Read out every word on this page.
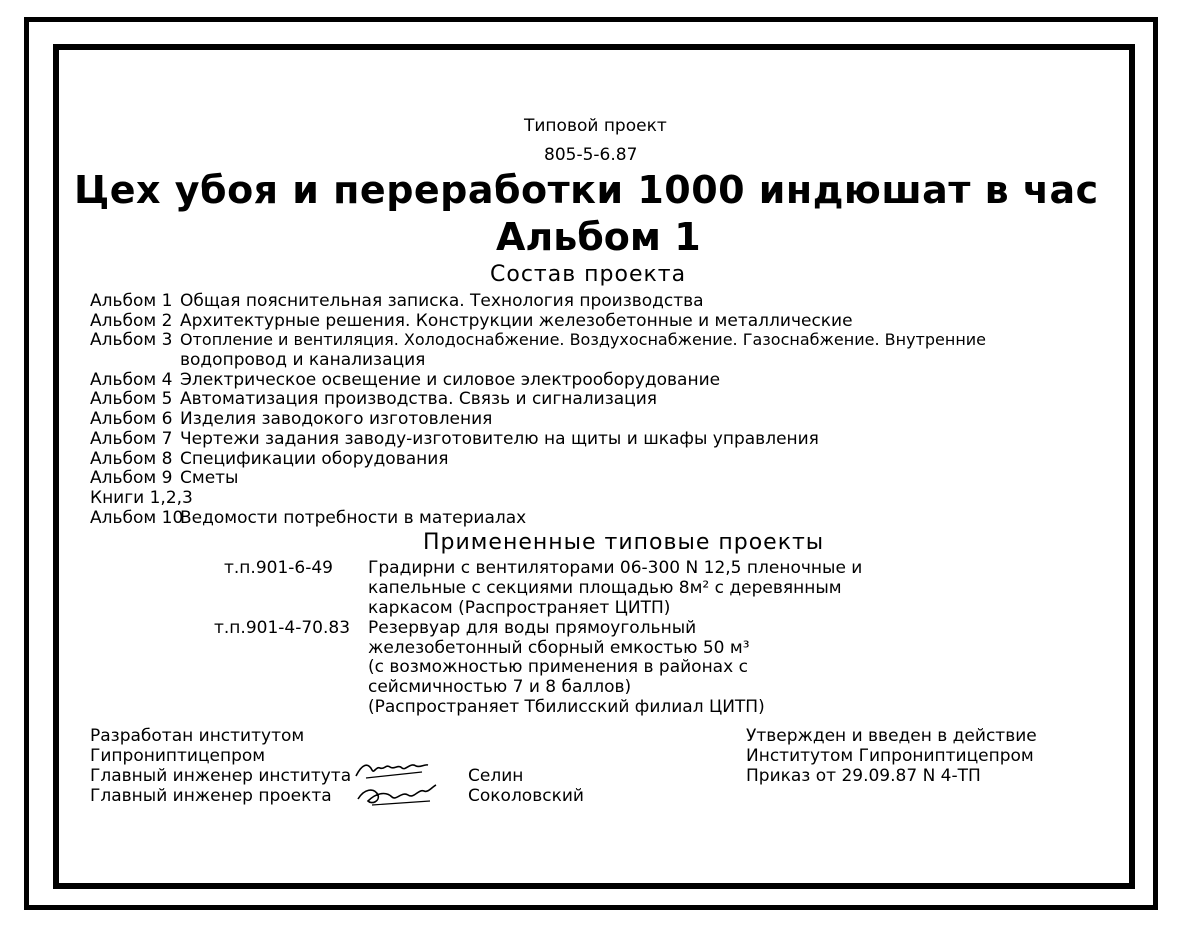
Типовой проект
805-5-6.87
Цех убоя и переработки 1000 индюшат в час
Альбом 1
Состав проекта
Альбом 1 Общая пояснительная записка. Технология производства
Альбом 2 Архитектурные решения. Конструкции железобетонные и металлические
Альбом 3 Отопление и вентиляция. Холодоснабжение. Воздухоснабжение. Газоснабжение. Внутренние
водопровод и канализация
Альбом 4 Электрическое освещение и силовое электрооборудование
Альбом 5 Автоматизация производства. Связь и сигнализация
Альбом 6 Изделия заводокого изготовления
Альбом 7 Чертежи задания заводу-изготовителю на щиты и шкафы управления
Альбом 8 Спецификации оборудования
Альбом 9 Сметы
Книги 1,2,3
Альбом 10
Ведомости потребности в материалах
Примененные типовые проекты
т.п.901-6-49 Градирни с вентиляторами 06-300 N 12,5 пленочные и
капельные с секциями площадью 8м² с деревянным
каркасом (Распространяет ЦИТП)
т.п.901-4-70.83 Резервуар для воды прямоугольный
железобетонный сборный емкостью 50 м³
(с возможностью применения в районах с
сейсмичностью 7 и 8 баллов)
(Распространяет Тбилисский филиал ЦИТП)
Разработан институтом
Гипрониптицепром
Главный инженер института
Главный инженер проекта
Селин
Соколовский
Утвержден и введен в действие
Институтом Гипрониптицепром
Приказ от 29.09.87 N 4-ТП
